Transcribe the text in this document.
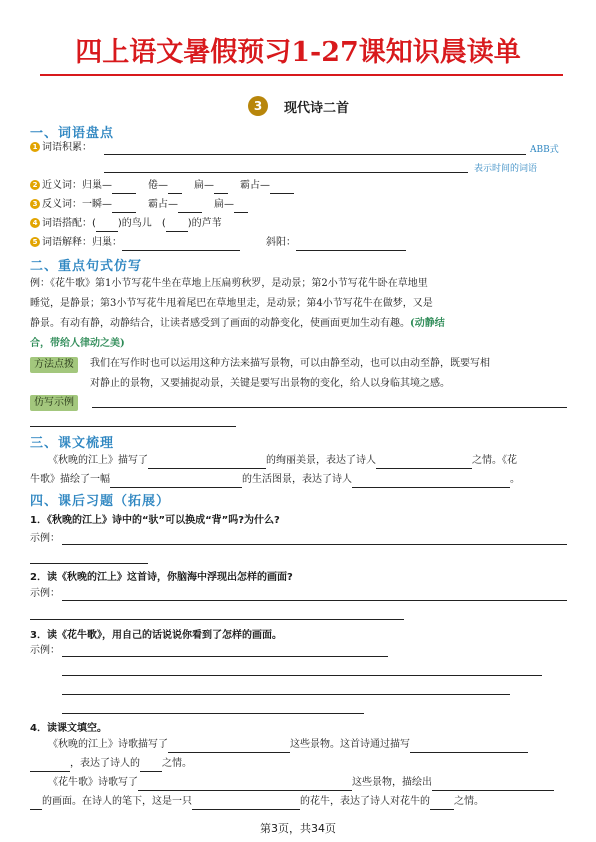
四上语文暑假预习1-27课知识晨读单
3	现代诗二首
一、词语盘点
1 词语积累：	ABB式
表示时间的词语
2 近义词：归巢—	倦—	扁—	霸占—
3 反义词：一瞬—	霸占—	扁—
4 词语搭配：( )的鸟儿 ( )的芦苇
5 词语解释：归巢：	斜阳：
二、重点句式仿写
例：《花牛歌》第1小节写花牛坐在草地上压扁剪秋罗，是动景；第2小节写花牛卧在草地里
睡觉，是静景；第3小节写花牛甩着尾巴在草地里走，是动景；第4小节写花牛在做梦，又是
静景。有动有静，动静结合，让读者感受到了画面的动静变化，使画面更加生动有趣。(动静结
合，带给人律动之美)
方法点拨	我们在写作时也可以运用这种方法来描写景物，可以由静至动，也可以由动至静，既要写相
对静止的景物，又要捕捉动景，关键是要写出景物的变化，给人以身临其境之感。
仿写示例
三、课文梳理
《秋晚的江上》描写了	的绚丽美景，表达了诗人	之情。《花
牛歌》描绘了一幅	的生活图景，表达了诗人	。
四、课后习题（拓展）
1．《秋晚的江上》诗中的“驮”可以换成“背”吗?为什么?
示例：
2．读《秋晚的江上》这首诗，你脑海中浮现出怎样的画面?
示例：
3．读《花牛歌》，用自己的话说说你看到了怎样的画面。
示例：
4．读课文填空。
《秋晚的江上》诗歌描写了	这些景物。这首诗通过描写
，表达了诗人的 之情。
《花牛歌》诗歌写了	这些景物，描绘出
的画面。在诗人的笔下，这是一只	的花牛，表达了诗人对花牛的 之情。
第3页，共34页
